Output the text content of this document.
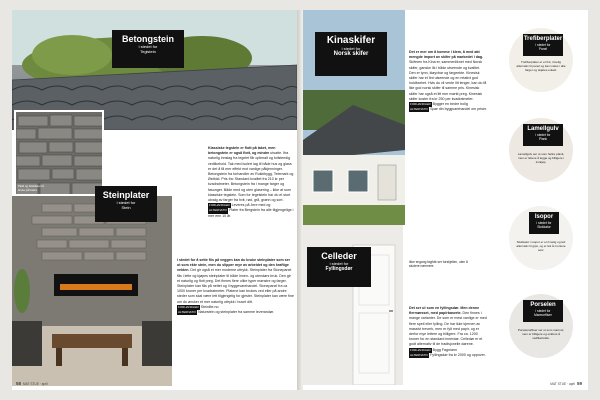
Betongstein
i stedet for
Tegistein
Pleid og fuktsikkert å bruke på badet.
Klassiske tegstein er flott på taket, men betongstein er også flott, og mindre utsatte. Ifra naturlig innslag fra tegelet får optimalt og fullstendig vedlikehold. Tak med isolert lag til både hus og glass er det å få mer effekt mot vanlige påkjenninger. Betongstein fra forhandler av Rukkibygg, Telemark og Østfold. Pris fra: Standard kvalitet fra 210 kr per kvadratmeter. Betongstein fra i mange farger og fasonger. Både med og uten glasering – ikke at som klassiske tegstein. Som for tegelstein har du et stort utvalg av farger fra hvit, rød, grå, grønn og sort.
FORHANDLER Leveres på Jere med og
ALTERNATIV Plater fra Bergstein fra alle tilgjengelige i mer enn 10 år.
Steinplater
i stedet for
Stein
I stedet for å sette flis på veggen kan du bruke steinplater som ser ut som ekte stein, men du slipper mye av arbeidet og den kraftige vekten. Det gir også et mer moderne uttrykk. Steinplater fra Stonepanel fås i lette og kjøpes steinplater til både innen- og utendørs bruk. Den gir et naturlig og flott preg. Det finnes flere ulike typer mønstre og farger. Steinplater kan fås på nettet og i byggevarehandel. Stonepanel fra ca 1000 kroner per kvadratmeter. Platene kan brukes ved eller på andre steder som skal være lett tilgjengelig for gjester. Steinplater kan være fine om du ønsker et mer naturlig uttrykk i huset ditt.
FORHANDLER Steinlite.no
ALTERNATIV Naturstein og steinplater fra samme leverandør.
58 MAT STUE · april
Kinaskifer
i stedet for
Norsk skifer	Det er mer om å komme i klem, å med økt mengde import av skifer på markedet i dag. Skiferen fra Kina er, sammenliknet med Norsk skifer, ganske lik i både utseende og kvalitet. Den er tynn, kløyvbar og fargeekte. Kinesisk skifer har et fint utseende og en relativt god holdbarhet. Hvis du vil vente litt lenger, kan du få like god norsk skifer til samme pris. Kinesisk skifer har også et litt mer mørkt preg. Kinesisk skifer koster fra kr 250 per kvadratmeter.
FORHANDLER Bygger en bedre bolig
ALTERNATIV Spør din byggvarehandel om priser.
Celleder
i stedet for
Fyllingsdør
Ikke engang fagfolk ser forskjellen, uten å studere nærmere.
Det ser ut som en fyllingsdør. Men denne flermørsset, med papirbaserte. Den finnes i mange varianter. De som er mest vanlige er med flere speil eller fylling. De har ikke kjernen av massivt treverk, men er fylt med papir, og er derfor mye lettere og billigere. Fra ca. 1200 kroner for en standard innerdør. Celledør er et godt alternativ til de tradisjonelle dørene.
FORHANDLER Bygg Fagmann
ALTERNATIV Fyllingsdør fra kr 2000 og oppover.
Trefiberplater
i stedet for
Panel
Trefiberplater er et fint, rimelig alternativ til panel og kan males i alle farger og skjøtes enkelt.
Lamellgulv
i stedet for
Plank
Lamellgulv ser ut som heltre plank, men er lettere å legge og billigere i innkjøp.
Isopor
i stedet for
Stukkatur
Stukkatur i isopor er et rimelig og lett alternativ til gips, og er lett å montere selv.
Porselen
i stedet for
Marmorfliser
Porselensfliser ser ut som marmor, men er billigere og enklere å vedlikeholde.
MAT STUE · april 59
